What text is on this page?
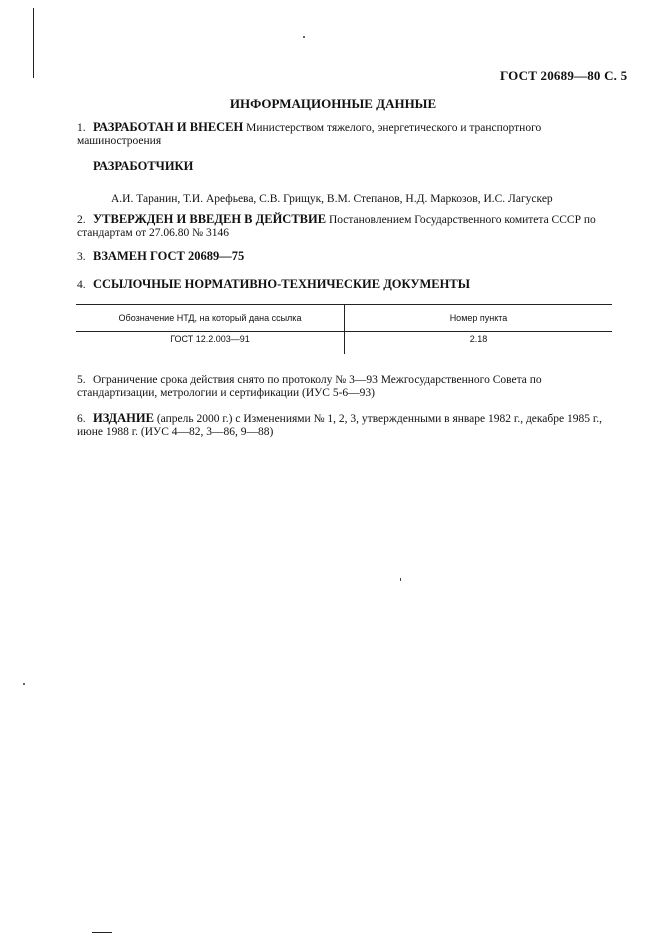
ГОСТ 20689—80 С. 5
ИНФОРМАЦИОННЫЕ ДАННЫЕ
1. РАЗРАБОТАН И ВНЕСЕН Министерством тяжелого, энергетического и транспортного машиностроения
РАЗРАБОТЧИКИ
А.И. Таранин, Т.И. Арефьева, С.В. Грищук, В.М. Степанов, Н.Д. Маркозов, И.С. Лагускер
2. УТВЕРЖДЕН И ВВЕДЕН В ДЕЙСТВИЕ Постановлением Государственного комитета СССР по стандартам от 27.06.80 № 3146
3. ВЗАМЕН ГОСТ 20689—75
4. ССЫЛОЧНЫЕ НОРМАТИВНО-ТЕХНИЧЕСКИЕ ДОКУМЕНТЫ
Обозначение НТД, на который дана ссылка	Номер пункта
ГОСТ 12.2.003—91	2.18
5. Ограничение срока действия снято по протоколу № 3—93 Межгосударственного Совета по стандартизации, метрологии и сертификации (ИУС 5-6—93)
6. ИЗДАНИЕ (апрель 2000 г.) с Изменениями № 1, 2, 3, утвержденными в январе 1982 г., декабре 1985 г., июне 1988 г. (ИУС 4—82, 3—86, 9—88)
